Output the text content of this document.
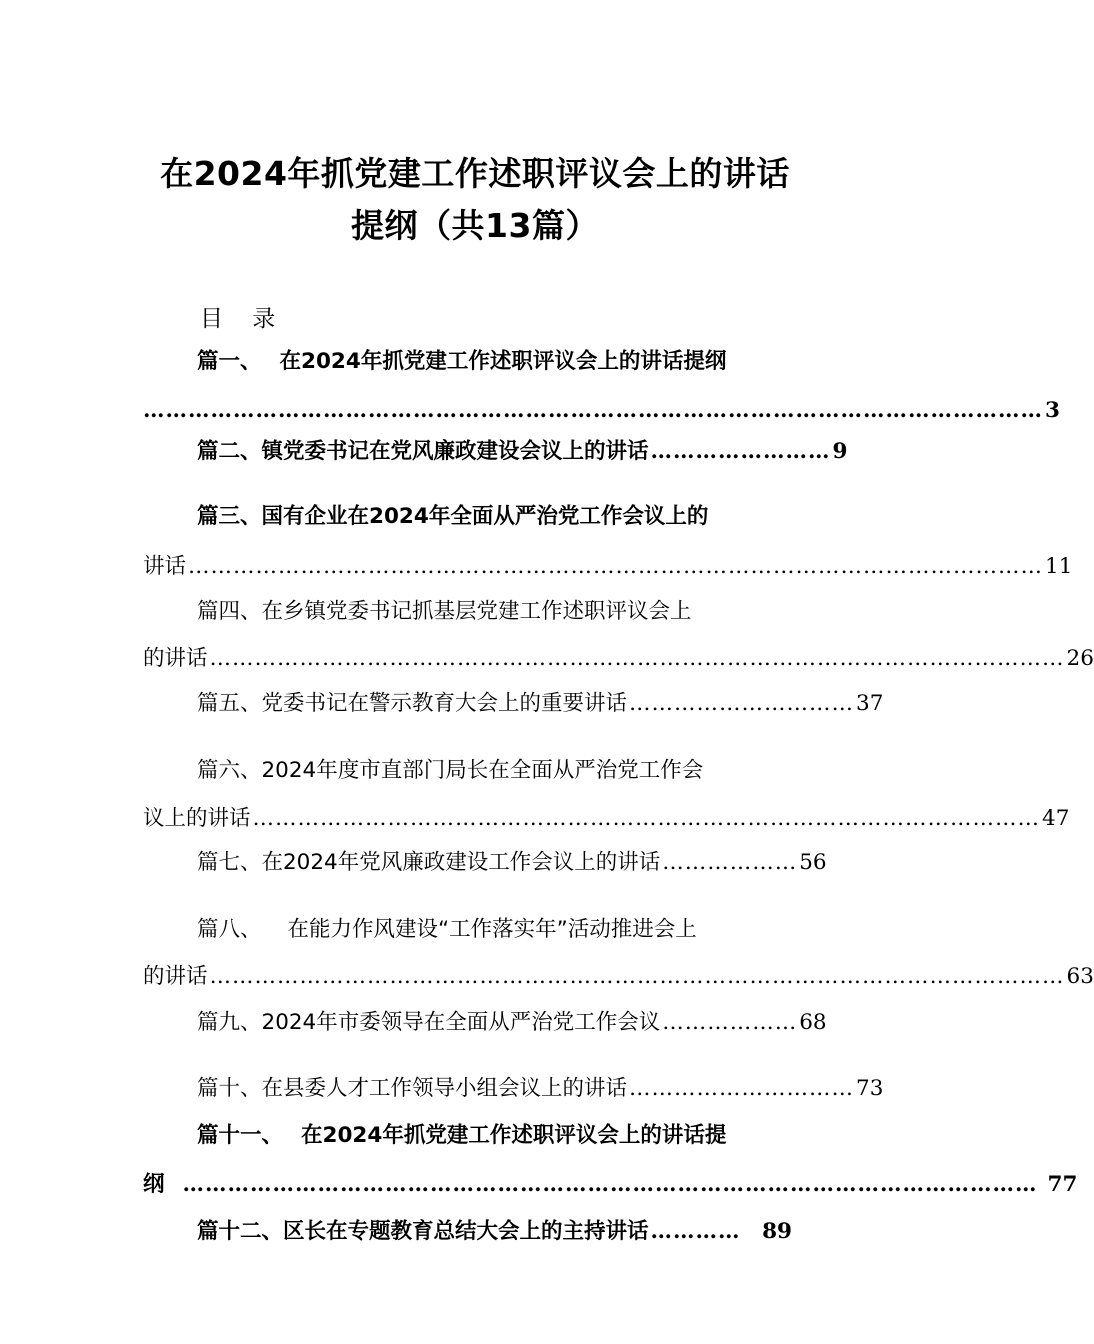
在2024年抓党建工作述职评议会上的讲话
提纲（共13篇）
目 录
篇一、 在2024年抓党建工作述职评议会上的讲话提纲
………………………………………………………………………………………………………… 3
篇二、 镇党委书记在党风廉政建设会议上的讲话 …………………… 9
篇三、国有企业在2024年全面从严治党工作会议上的
讲话 …………………………………………………………………………………………………… 11
篇四、在乡镇党委书记抓基层党建工作述职评议会上
的讲话 …………………………………………………………………………………………………… 26
篇五、党委书记在警示教育大会上的重要讲话 ………………………… 37
篇六、2024年度市直部门局长在全面从严治党工作会
议上的讲话 …………………………………………………………………………………………… 47
篇七、在2024年党风廉政建设工作会议上的讲话 ……………… 56
篇八、 在能力作风建设“工作落实年”活动推进会上
的讲话 …………………………………………………………………………………………………… 63
篇九、 2024年市委领导在全面从严治党工作会议 ……………… 68
篇十、在县委人才工作领导小组会议上的讲话 ………………………… 73
篇十一、 在2024年抓党建工作述职评议会上的讲话提
纲 …………………………………………………………………………………………………… 77
篇十二、区长在专题教育总结大会上的主持讲话 …………	89
